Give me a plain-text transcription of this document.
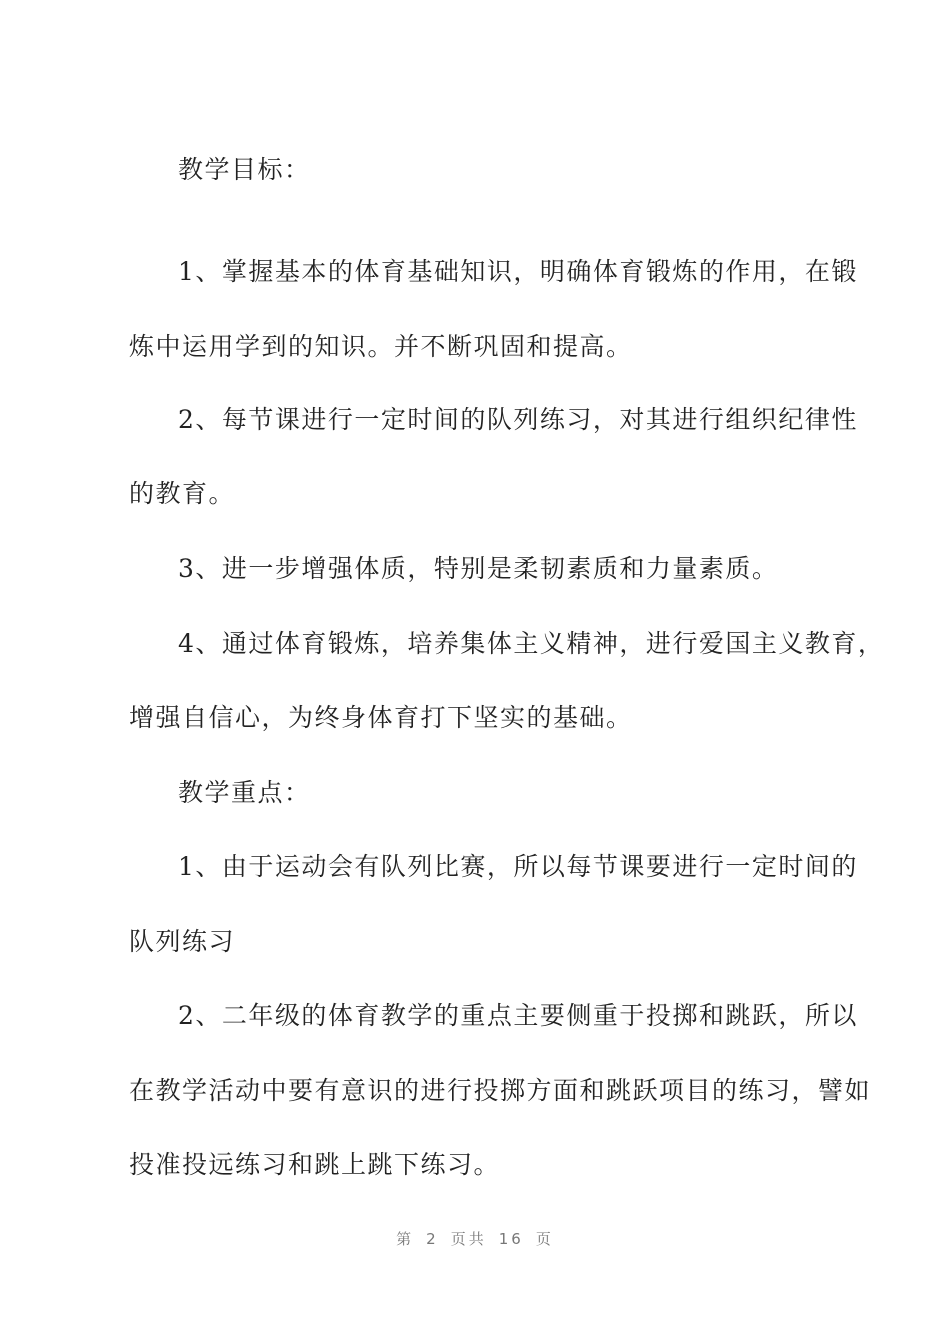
教学目标：
1、掌握基本的体育基础知识，明确体育锻炼的作用，在锻
炼中运用学到的知识。并不断巩固和提高。
2、每节课进行一定时间的队列练习，对其进行组织纪律性
的教育。
3、进一步增强体质，特别是柔韧素质和力量素质。
4、通过体育锻炼，培养集体主义精神，进行爱国主义教育，
增强自信心，为终身体育打下坚实的基础。
教学重点：
1、由于运动会有队列比赛，所以每节课要进行一定时间的
队列练习
2、二年级的体育教学的重点主要侧重于投掷和跳跃，所以
在教学活动中要有意识的进行投掷方面和跳跃项目的练习，譬如
投准投远练习和跳上跳下练习。
第 2 页共 16 页
